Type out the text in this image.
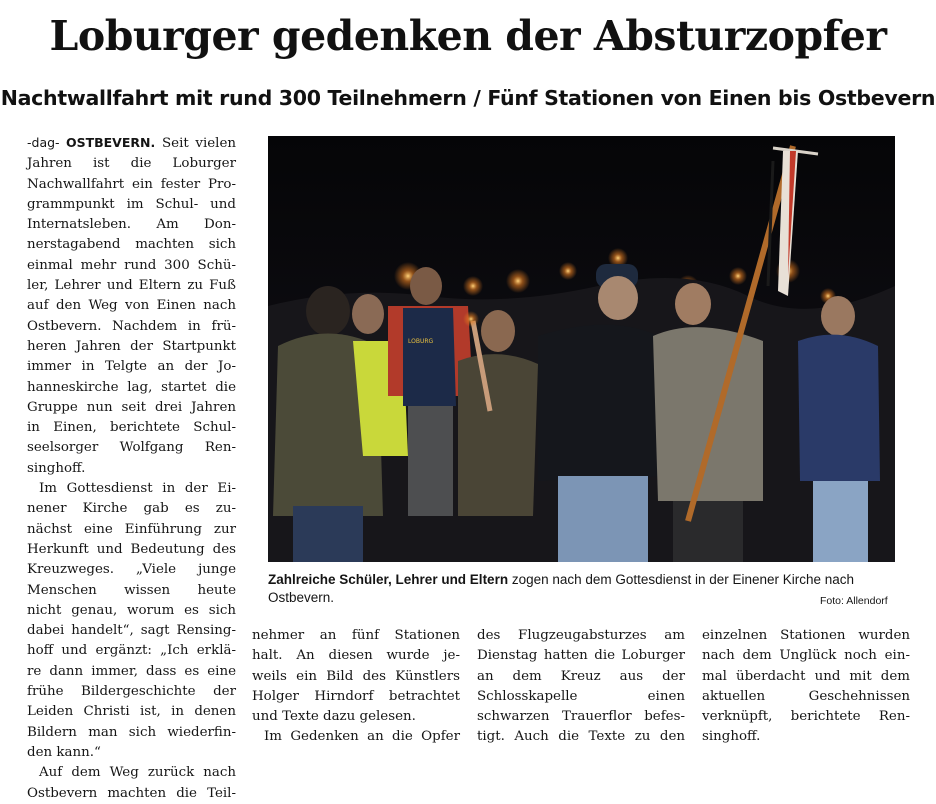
Loburger gedenken der Absturzopfer
Nachtwallfahrt mit rund 300 Teilnehmern / Fünf Stationen von Einen bis Ostbevern
-dag- OSTBEVERN. Seit vielen
Jahren ist die Loburger
Nachwallfahrt ein fester Pro-
grammpunkt im Schul- und
Internatsleben. Am Don-
nerstagabend machten sich
einmal mehr rund 300 Schü-
ler, Lehrer und Eltern zu Fuß
auf den Weg von Einen nach
Ostbevern. Nachdem in frü-
heren Jahren der Startpunkt
immer in Telgte an der Jo-
hanneskirche lag, startet die
Gruppe nun seit drei Jahren
in Einen, berichtete Schul-
seelsorger Wolfgang Ren-
singhoff.
Im Gottesdienst in der Ei-
nener Kirche gab es zu-
nächst eine Einführung zur
Herkunft und Bedeutung des
Kreuzweges. „Viele junge
Menschen wissen heute
nicht genau, worum es sich
dabei handelt“, sagt Rensing-
hoff und ergänzt: „Ich erklä-
re dann immer, dass es eine
frühe Bildergeschichte der
Leiden Christi ist, in denen
Bildern man sich wiederfin-
den kann.“
Auf dem Weg zurück nach
Ostbevern machten die Teil-
nehmer an fünf Stationen
halt. An diesen wurde je-
weils ein Bild des Künstlers
Holger Hirndorf betrachtet
und Texte dazu gelesen.
Im Gedenken an die Opfer
des Flugzeugabsturzes am
Dienstag hatten die Loburger
an dem Kreuz aus der
Schlosskapelle einen
schwarzen Trauerflor befes-
tigt. Auch die Texte zu den
einzelnen Stationen wurden
nach dem Unglück noch ein-
mal überdacht und mit dem
aktuellen Geschehnissen
verknüpft, berichtete Ren-
singhoff.
LOBURG
Zahlreiche Schüler, Lehrer und Eltern zogen nach dem Gottesdienst in der Einener Kirche nach Ostbevern.	Foto: Allendorf
